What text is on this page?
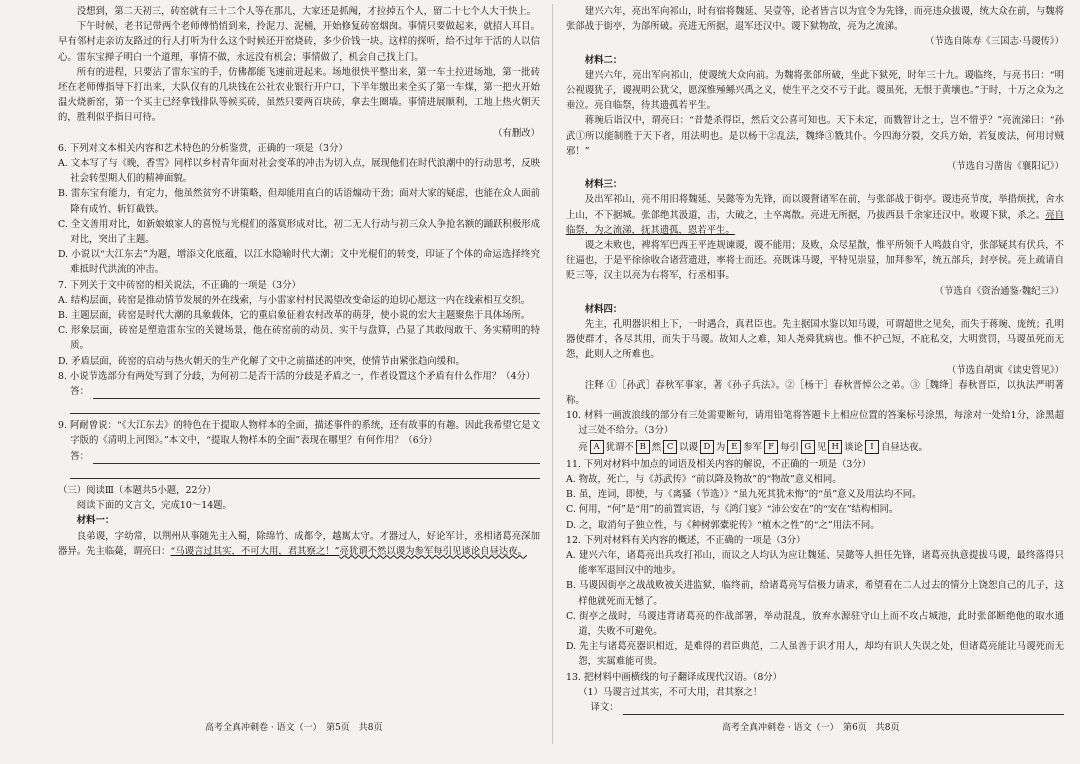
没想到，第二天初三，砖窑就有三十二个人等在那儿，大家还是抓阄，才拉掉五个人，留二十七个人大干快上。

下午时候，老书记带两个老师傅悄悄到来，拎泥刀、泥桶，开始修复砖窑烟囱。事情只要做起来，就招人耳目。早有邻村走亲访友路过的行人打听为什么这个时候还开窑烧砖，多少价钱一块。这样的探听，给不过年干活的人以信心。雷东宝掸子明白一个道理，事情不做，永远没有机会；事情做了，机会自己找上门。

所有的进程，只要沾了雷东宝的手，仿佛都能飞速前进起来。场地很快平整出来，第一车土拉进场地，第一批砖坯在老师傅指导下打出来，大队仅有的几块钱在公社农业银行开户口，下半年缴出来全买了第一车煤，第一把火开始温火烧新窑，第一个买主已经拿钱排队等候买砖，虽然只要两百块砖，拿去生圈墙。事情进展顺利，工地上热火朝天的，胜利似乎指日可待。

（有删改）

6. 下列对文本相关内容和艺术特色的分析鉴赏，正确的一项是（3分）

A. 文本写了与《晚，香雪》同样以乡村青年面对社会变革的冲击为切入点，展现他们在时代浪潮中的行动思考，反映社会转型期人们的精神面貌。

B. 雷东宝有能力，有定力，他虽然贫穷不讲策略，但却能用直白的话语煽动干劲；面对大家的疑虑，也能在众人面前降有成竹、斩钉截铁。

C. 全文善用对比，如新娘娘家人的喜悦与光棍们的落寞形成对比，初二无人行动与初三众人争抢名额的踊跃积极形成对比，突出了主题。

D. 小说以“大江东去”为题，增添文化底蕴，以江水隐喻时代大潮；文中光棍们的转变，印证了个体的命运选择终究难抵时代洪流的冲击。

7. 下列关于文中砖窑的相关说法，不正确的一项是（3分）

A. 结构层面，砖窑是推动情节发展的外在线索，与小雷家村村民渴望改变命运的迫切心愿这一内在线索相互交织。

B. 主题层面，砖窑是时代大潮的具象载体，它的重启象征着农村改革的萌芽，使小说的宏大主题聚焦于具体场所。

C. 形象层面，砖窑是塑造雷东宝的关键场景，他在砖窑前的动员、实干与盘算，凸显了其敢闯敢干、务实精明的特质。

D. 矛盾层面，砖窑的启动与热火朝天的生产化解了文中之前描述的冲突，使情节由紧张趋向缓和。

8. 小说节选部分有两处写到了分歧，为何初二是否干活的分歧是矛盾之一，作者设置这个矛盾有什么作用？（4分）

答：

9. 阿耐曾说：“《大江东去》的特色在于提取人物样本的全面，描述事件的系统，还有故事的有趣。因此我希望它是文字版的《清明上河图》。”本文中，“提取人物样本的全面”表现在哪里？有何作用？（6分）

答：

（三）阅读Ⅲ（本题共5小题，22分）

阅读下面的文言文，完成10～14题。

材料一：

良弟谡，字幼常，以荆州从事随先主入蜀，除绵竹、成都令，越嶲太守。才器过人，好论军计，丞相诸葛亮深加器异。先主临薨，谓亮曰：“马谡言过其实，不可大用，君其察之！”亮犹谓不然以谡为参军每引见谈论自昼达夜。

建兴六年，亮出军向祁山，时有宿将魏延、吴壹等，论者皆言以为宜令为先锋，而亮违众拔谡，统大众在前，与魏将张郃战于街亭，为郃所破。亮进无所据，退军还汉中。谡下狱物故，亮为之流涕。

（节选自陈寿《三国志·马谡传》）

材料二：

建兴六年，亮出军向祁山，使谡统大众向前。为魏将张郃所破，坐此下狱死，时年三十九。谡临终，与亮书曰：“明公视谡犹子，谡视明公犹父，愿深惟殛鲧兴禹之义，使生平之交不亏于此。谡虽死，无恨于黄壤也。”于时，十万之众为之垂泣。亮自临祭，待其遗孤若平生。

蒋琬后诣汉中，谓亮曰：“昔楚杀得臣，然后文公喜可知也。天下未定，而戮智计之士，岂不惜乎？”亮流涕曰：“孙武①所以能制胜于天下者，用法明也。是以杨干②乱法，魏绛③戮其仆。今四海分裂，交兵方始，若复废法，何用讨贼邪！”

（节选自习凿齿《襄阳记》）

材料三：

及出军祁山，亮不用旧将魏延、吴懿等为先锋，而以谡督诸军在前，与张郃战于街亭。谡违亮节度，举措烦扰，舍水上山，不下据城。张郃绝其汲道，击，大破之，士卒离散。亮进无所据，乃拔西县千余家还汉中。收谡下狱，杀之。亮自临祭，为之流涕，抚其遗孤，恩若平生。

谡之未败也，裨将军巴西王平连规谏谡，谡不能用；及败，众尽星散，惟平所领千人鸣鼓自守，张郃疑其有伏兵，不往逼也，于是平徐徐收合诸营遗进，率将士而还。亮既诛马谡，平特见崇显，加拜参军，统五部兵，封亭侯。亮上疏请自贬三等，汉主以亮为右将军，行丞相事。

（节选自《资治通鉴·魏纪三》）

材料四：

先主，孔明器识相上下，一时遇合，真君臣也。先主据国水鉴以知马谡，可谓超世之见矣，而失于蒋琬、庞统；孔明器使群才，各尽其用，而失于马谡。故知人之难，知人尧舜犹病也。惟不护己短，不庇私交，大明赏罚，马谡虽死而无怨，此则人之所难也。

（节选自胡寅《读史管见》）

注释 ①［孙武］春秋军事家，著《孙子兵法》。②［杨干］春秋晋悼公之弟。③［魏绛］春秋晋臣，以执法严明著称。

10. 材料一画波浪线的部分有三处需要断句，请用铅笔将答题卡上相应位置的答案标号涂黑，每涂对一处给1分，涂黑超过三处不给分。（3分）

亮 A 犹谓不 B 然 C 以谡 D 为 E 参军 F 每引 G 见 H 谈论 I 自昼达夜。

11. 下列对材料中加点的词语及相关内容的解说，不正确的一项是（3分）

A. 物故，死亡，与《苏武传》“前以降及物故”的“物故”意义相同。

B. 虽，连词，即使，与《离骚（节选）》“虽九死其犹未悔”的“虽”意义及用法均不同。

C. 何用，“何”是“用”的前置宾语，与《鸿门宴》“沛公安在”的“安在”结构相同。

D. 之，取消句子独立性，与《种树郭橐驼传》“植木之性”的“之”用法不同。

12. 下列对材料有关内容的概述，不正确的一项是（3分）

A. 建兴六年，诸葛亮出兵攻打祁山，而议之人均认为应让魏延、吴懿等人担任先锋，诸葛亮执意提拔马谡，最终落得只能率军退回汉中的地步。

B. 马谡因街亭之战战败被关进监狱，临终前，给诸葛亮写信极力请求，希望看在二人过去的情分上饶恕自己的儿子，这样他就死而无憾了。

C. 街亭之战时，马谡违背诸葛亮的作战部署，举动混乱，放弃水源驻守山上而不攻占城池，此时张郃断绝他的取水通道，失败不可避免。

D. 先主与诸葛亮器识相近，是难得的君臣典范，二人虽善于识才用人，却均有识人失误之处，但诸葛亮能让马谡死而无怨，实属难能可贵。

13. 把材料中画横线的句子翻译成现代汉语。（8分）

（1）马谡言过其实，不可大用，君其察之！

译文：
高考全真冲刺卷 · 语文（一）　第5页　共8页	高考全真冲刺卷 · 语文（一）　第6页　共8页
